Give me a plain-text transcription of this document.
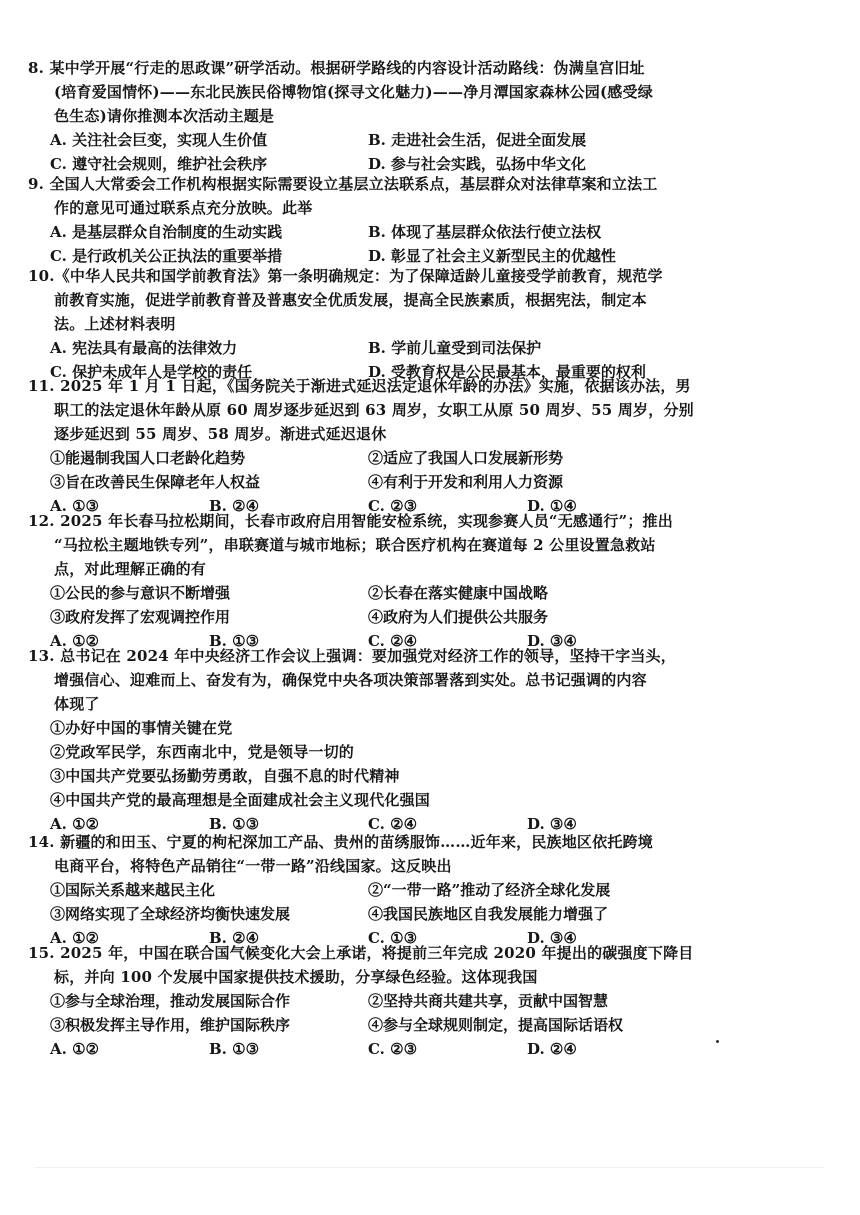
8. 某中学开展“行走的思政课”研学活动。根据研学路线的内容设计活动路线：伪满皇宫旧址
(培育爱国情怀)——东北民族民俗博物馆(探寻文化魅力)——净月潭国家森林公园(感受绿
色生态)请你推测本次活动主题是
A. 关注社会巨变，实现人生价值	B. 走进社会生活，促进全面发展
C. 遵守社会规则，维护社会秩序	D. 参与社会实践，弘扬中华文化
9. 全国人大常委会工作机构根据实际需要设立基层立法联系点，基层群众对法律草案和立法工
作的意见可通过联系点充分放映。此举
A. 是基层群众自治制度的生动实践	B. 体现了基层群众依法行使立法权
C. 是行政机关公正执法的重要举措	D. 彰显了社会主义新型民主的优越性
10.《中华人民共和国学前教育法》第一条明确规定：为了保障适龄儿童接受学前教育，规范学
前教育实施，促进学前教育普及普惠安全优质发展，提高全民族素质，根据宪法，制定本
法。上述材料表明
A. 宪法具有最高的法律效力	B. 学前儿童受到司法保护
C. 保护未成年人是学校的责任	D. 受教育权是公民最基本，最重要的权利
11. 2025 年 1 月 1 日起，《国务院关于渐进式延迟法定退休年龄的办法》实施，依据该办法，男
职工的法定退休年龄从原 60 周岁逐步延迟到 63 周岁，女职工从原 50 周岁、55 周岁，分别
逐步延迟到 55 周岁、58 周岁。渐进式延迟退休
①能遏制我国人口老龄化趋势	②适应了我国人口发展新形势
③旨在改善民生保障老年人权益	④有利于开发和利用人力资源
A. ①③	B. ②④	C. ②③	D. ①④
12. 2025 年长春马拉松期间，长春市政府启用智能安检系统，实现参赛人员“无感通行”；推出
“马拉松主题地铁专列”，串联赛道与城市地标；联合医疗机构在赛道每 2 公里设置急救站
点，对此理解正确的有
①公民的参与意识不断增强	②长春在落实健康中国战略
③政府发挥了宏观调控作用	④政府为人们提供公共服务
A. ①②	B. ①③	C. ②④	D. ③④
13. 总书记在 2024 年中央经济工作会议上强调：要加强党对经济工作的领导，坚持干字当头，
增强信心、迎难而上、奋发有为，确保党中央各项决策部署落到实处。总书记强调的内容
体现了
①办好中国的事情关键在党
②党政军民学，东西南北中，党是领导一切的
③中国共产党要弘扬勤劳勇敢，自强不息的时代精神
④中国共产党的最高理想是全面建成社会主义现代化强国
A. ①②	B. ①③	C. ②④	D. ③④
14. 新疆的和田玉、宁夏的枸杞深加工产品、贵州的苗绣服饰……近年来，民族地区依托跨境
电商平台，将特色产品销往“一带一路”沿线国家。这反映出
①国际关系越来越民主化	②“一带一路”推动了经济全球化发展
③网络实现了全球经济均衡快速发展	④我国民族地区自我发展能力增强了
A. ①②	B. ②④	C. ①③	D. ③④
15. 2025 年，中国在联合国气候变化大会上承诺，将提前三年完成 2020 年提出的碳强度下降目
标，并向 100 个发展中国家提供技术援助，分享绿色经验。这体现我国
①参与全球治理，推动发展国际合作	②坚持共商共建共享，贡献中国智慧
③积极发挥主导作用，维护国际秩序	④参与全球规则制定，提高国际话语权
A. ①②	B. ①③	C. ②③	D. ②④
